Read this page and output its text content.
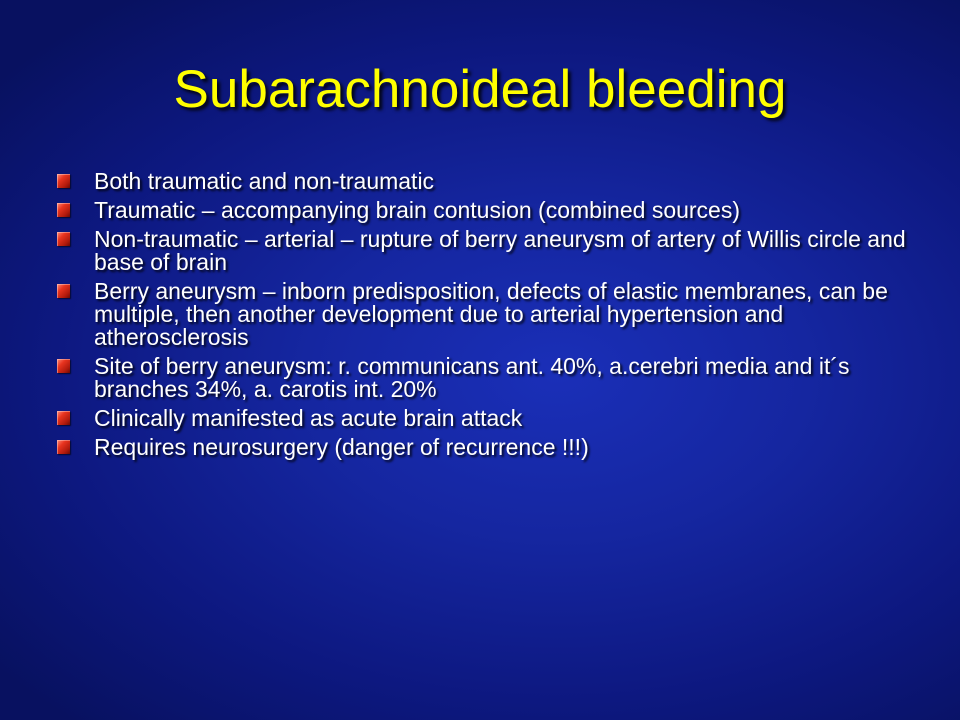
Subarachnoideal bleeding
Both traumatic and non-traumatic
Traumatic – accompanying brain contusion (combined sources)
Non-traumatic – arterial – rupture of berry aneurysm of artery of Willis circle and base of brain
Berry aneurysm – inborn predisposition, defects of elastic membranes, can be multiple, then another development due to arterial hypertension and atherosclerosis
Site of berry aneurysm: r. communicans ant. 40%, a.cerebri media and it´s branches 34%, a. carotis int. 20%
Clinically manifested as acute brain attack
Requires neurosurgery (danger of recurrence !!!)
